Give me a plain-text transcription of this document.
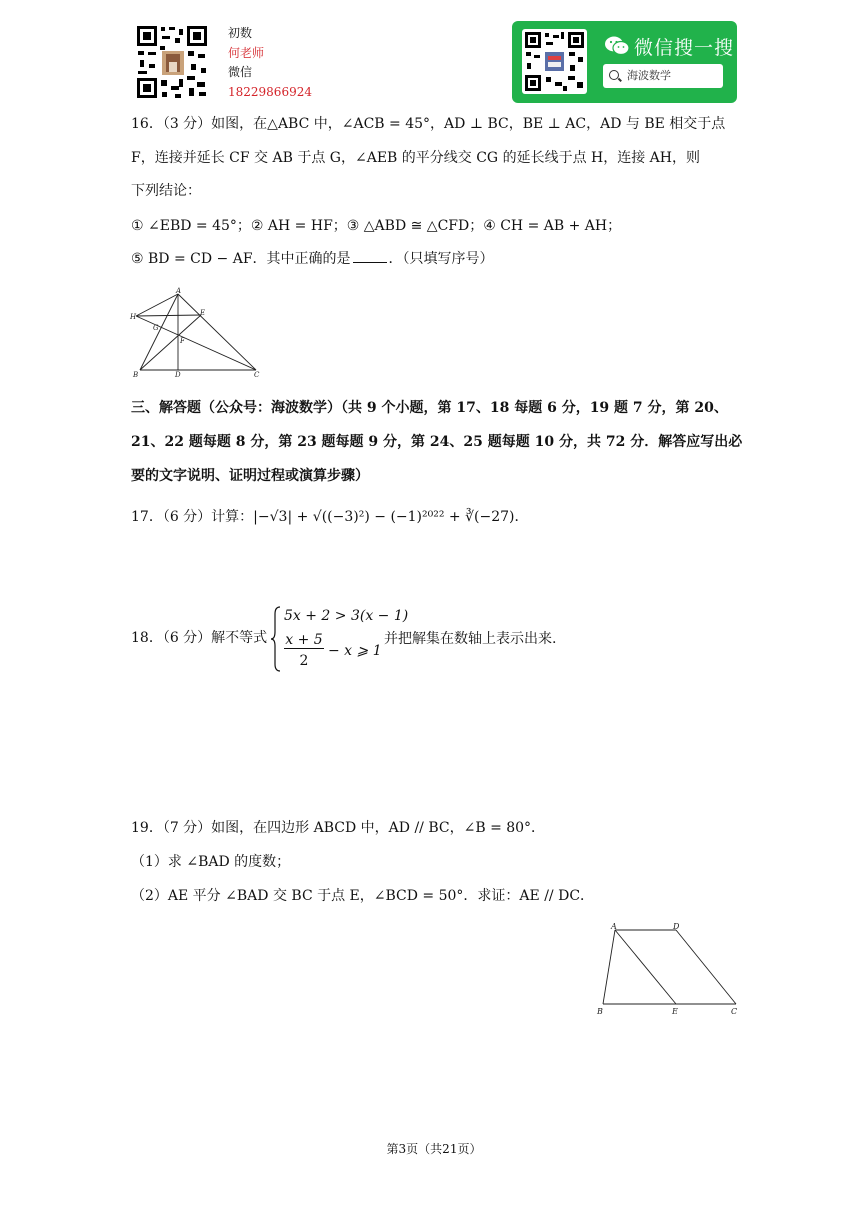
初数
何老师
微信
18229866924
微信搜一搜
海波数学
16．（3 分）如图，在△ABC 中，∠ACB = 45°，AD ⊥ BC，BE ⊥ AC，AD 与 BE 相交于点
F，连接并延长 CF 交 AB 于点 G，∠AEB 的平分线交 CG 的延长线于点 H，连接 AH，则
下列结论：
① ∠EBD = 45°；② AH = HF；③ △ABD ≅ △CFD；④ CH = AB + AH；
⑤ BD = CD − AF．其中正确的是	．（只填写序号）
A
B	C
D
E
F
G
H
三、解答题（公众号：海波数学）（共 9 个小题，第 17、18 每题 6 分，19 题 7 分，第 20、
21、22 题每题 8 分，第 23 题每题 9 分，第 24、25 题每题 10 分，共 72 分．解答应写出必
要的文字说明、证明过程或演算步骤）
17．（6 分）计算：|−√3| + √((−3)²) − (−1)²⁰²² + ∛(−27)．
18．（6 分）解不等式
5x + 2 > 3(x − 1)
x + 5
2
− x ⩾ 1
并把解集在数轴上表示出来.
19．（7 分）如图，在四边形 ABCD 中，AD // BC，∠B = 80°．
（1）求 ∠BAD 的度数；
（2）AE 平分 ∠BAD 交 BC 于点 E，∠BCD = 50°．求证：AE // DC．
A	D
B	E	C
第3页（共21页）
